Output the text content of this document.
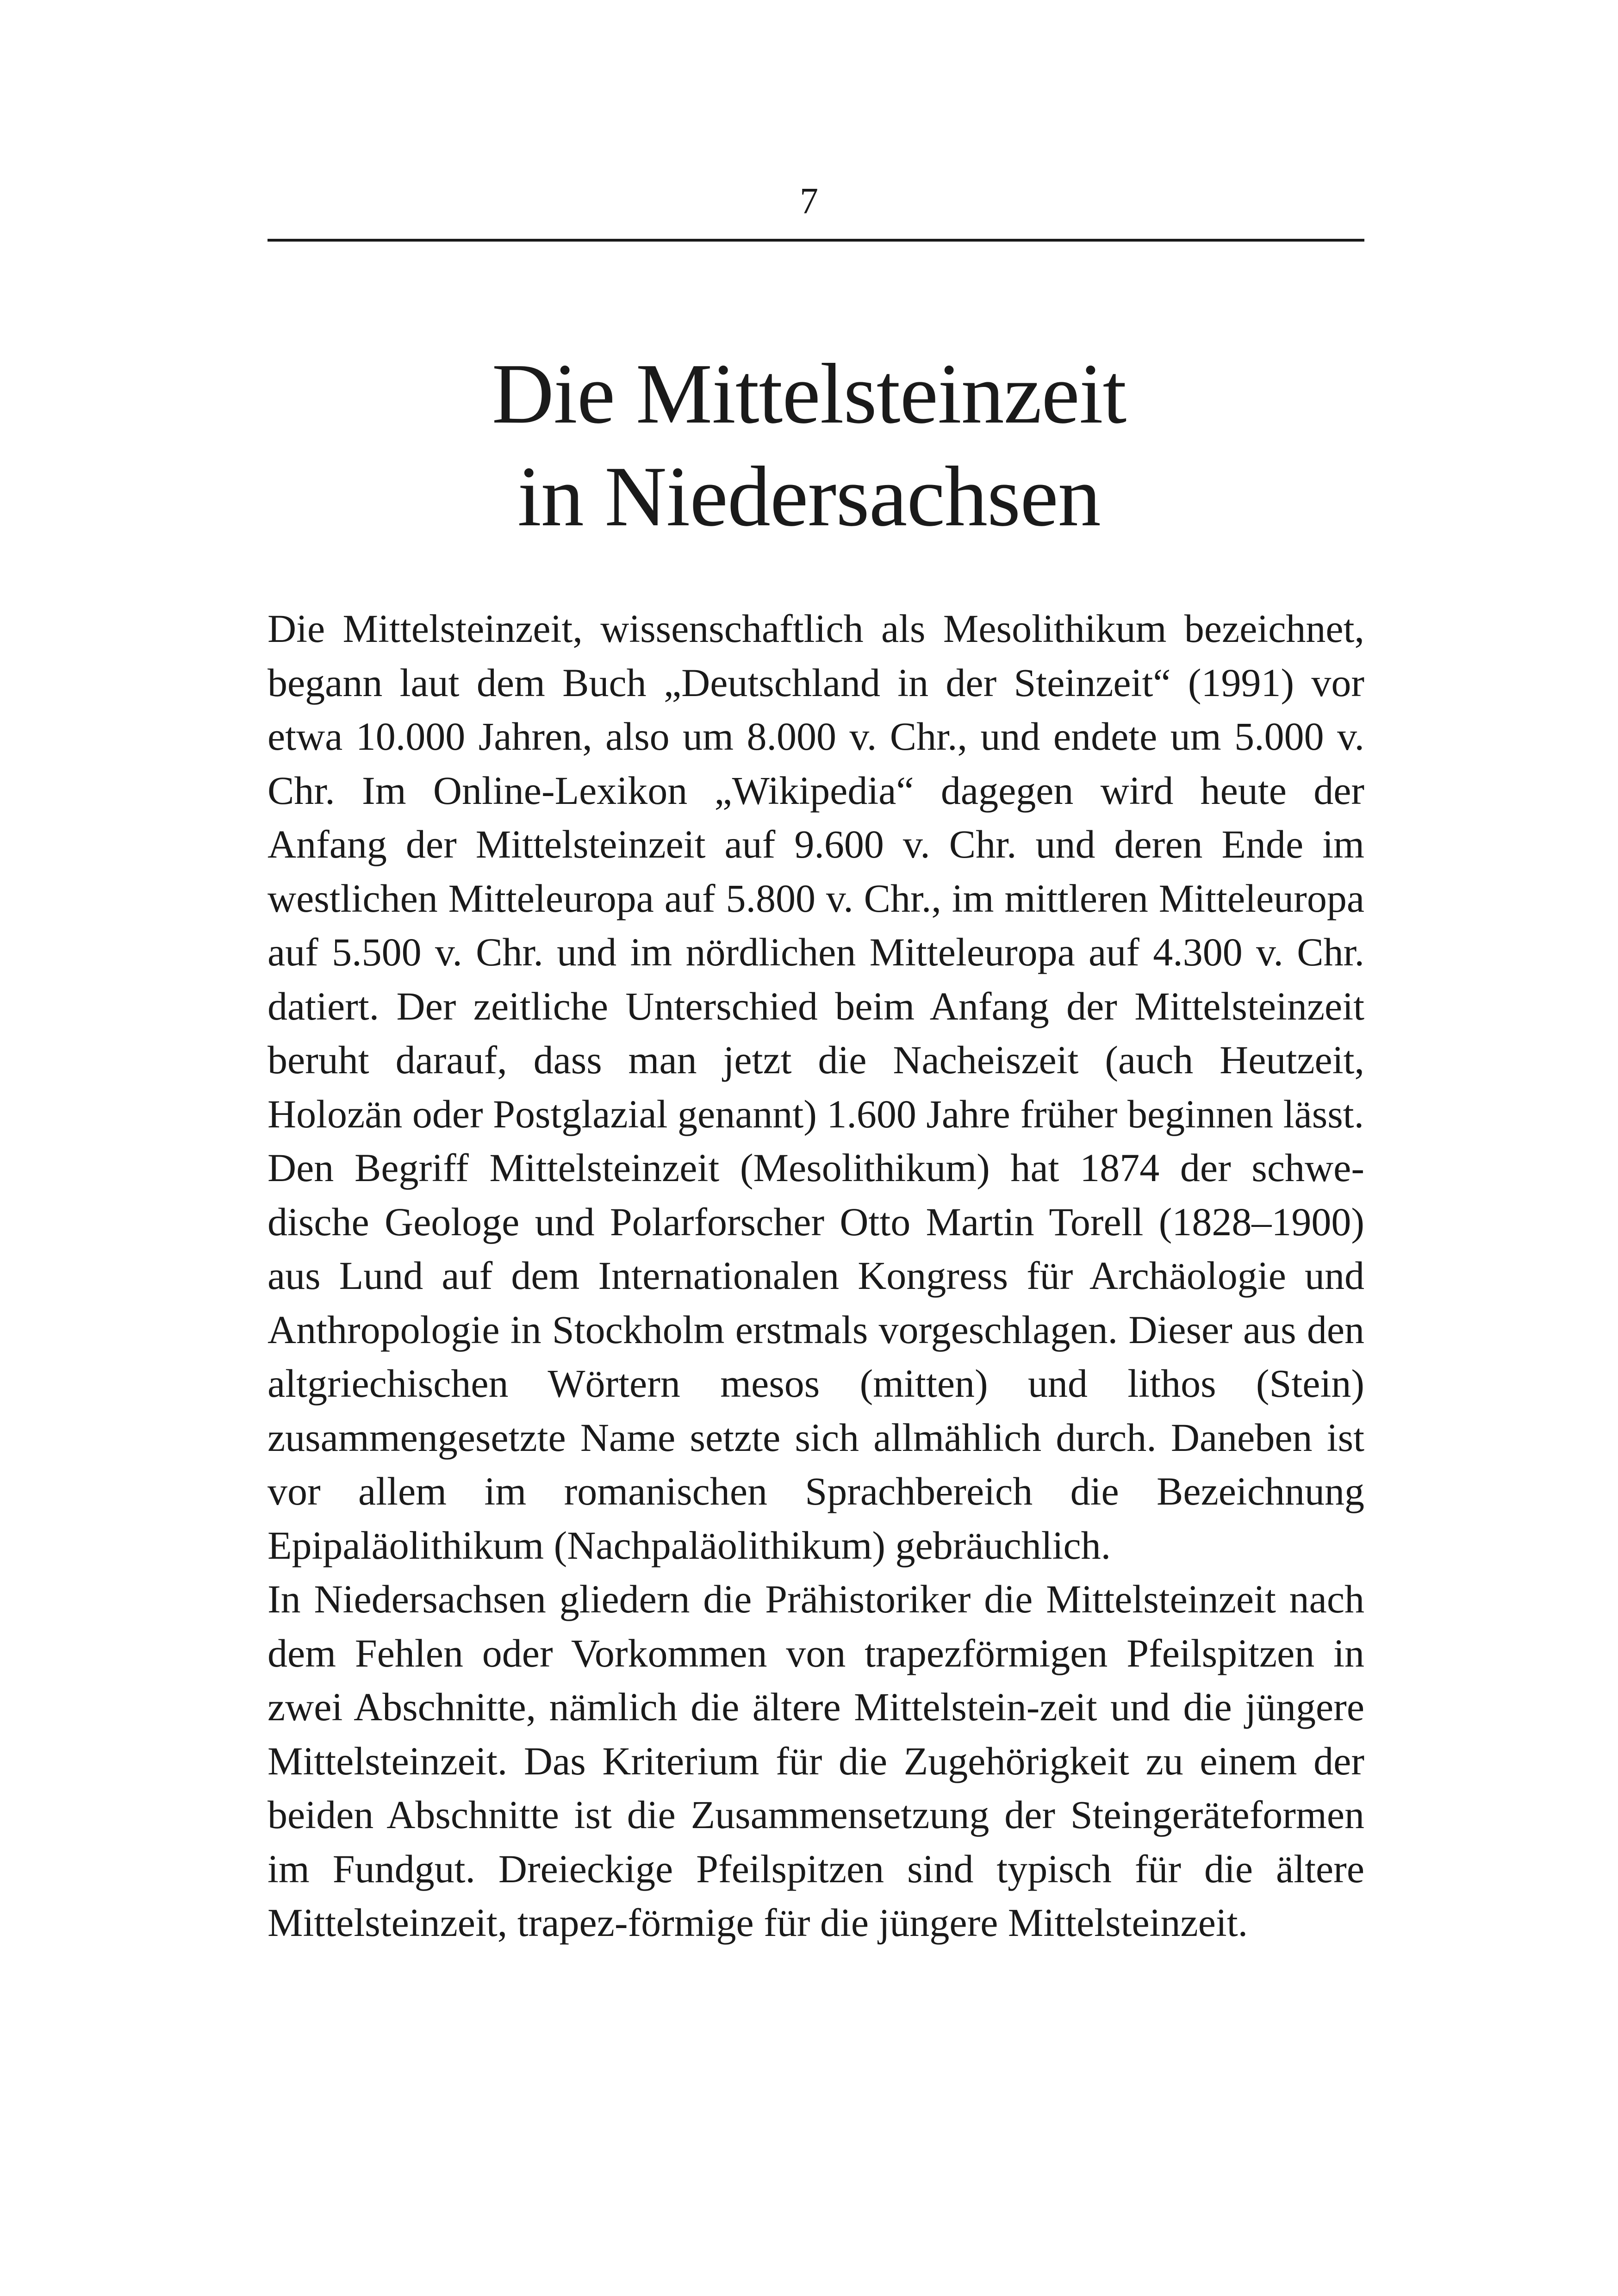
7
Die Mittelsteinzeit
in Niedersachsen

Die Mittelsteinzeit, wissenschaftlich als Mesolithikum bezeichnet, begann laut dem Buch „Deutschland in der Steinzeit“ (1991) vor etwa 10.000 Jahren, also um 8.000 v. Chr., und endete um 5.000 v. Chr. Im Online-Lexikon „Wikipedia“ dagegen wird heute der Anfang der Mittelsteinzeit auf 9.600 v. Chr. und deren Ende im westlichen Mitteleuropa auf 5.800 v. Chr., im mittleren Mitteleuropa auf 5.500 v. Chr. und im nördlichen Mitteleuropa auf 4.300 v. Chr. datiert. Der zeitliche Unterschied beim Anfang der Mittelsteinzeit beruht darauf, dass man jetzt die Nacheiszeit (auch Heutzeit, Holozän oder Postglazial genannt) 1.600 Jahre früher beginnen lässt.

Den Begriff Mittelsteinzeit (Mesolithikum) hat 1874 der schwedische Geologe und Polarforscher Otto Martin Torell (1828–1900) aus Lund auf dem Internationalen Kongress für Archäologie und Anthropologie in Stockholm erstmals vorgeschlagen. Dieser aus den altgriechischen Wörtern mesos (mitten) und lithos (Stein) zusammengesetzte Name setzte sich allmählich durch. Daneben ist vor allem im romanischen Sprachbereich die Bezeichnung Epipaläolithikum (Nachpaläolithikum) gebräuchlich.

In Niedersachsen gliedern die Prähistoriker die Mittelsteinzeit nach dem Fehlen oder Vorkommen von trapezförmigen Pfeilspitzen in zwei Abschnitte, nämlich die ältere Mittelstein-zeit und die jüngere Mittelsteinzeit. Das Kriterium für die Zugehörigkeit zu einem der beiden Abschnitte ist die Zusammensetzung der Steingeräteformen im Fundgut. Dreieckige Pfeilspitzen sind typisch für die ältere Mittelsteinzeit, trapez-förmige für die jüngere Mittelsteinzeit.
